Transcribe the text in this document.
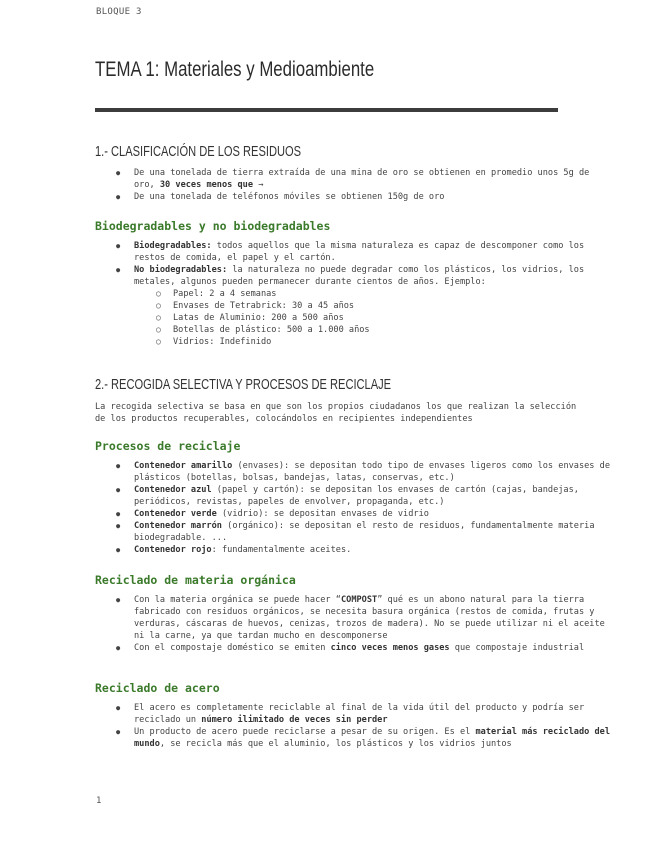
BLOQUE 3
TEMA 1: Materiales y Medioambiente
1.- CLASIFICACIÓN DE LOS RESIDUOS
● De una tonelada de tierra extraída de una mina de oro se obtienen en promedio unos 5g de oro, 30 veces menos que →
● De una tonelada de teléfonos móviles se obtienen 150g de oro
Biodegradables y no biodegradables
● Biodegradables: todos aquellos que la misma naturaleza es capaz de descomponer como los restos de comida, el papel y el cartón.
● No biodegradables: la naturaleza no puede degradar como los plásticos, los vidrios, los metales, algunos pueden permanecer durante cientos de años. Ejemplo:
○ Papel: 2 a 4 semanas
○ Envases de Tetrabrick: 30 a 45 años
○ Latas de Aluminio: 200 a 500 años
○ Botellas de plástico: 500 a 1.000 años
○ Vidrios: Indefinido
2.- RECOGIDA SELECTIVA Y PROCESOS DE RECICLAJE

La recogida selectiva se basa en que son los propios ciudadanos los que realizan la selección de los productos recuperables, colocándolos en recipientes independientes

Procesos de reciclaje
● Contenedor amarillo (envases): se depositan todo tipo de envases ligeros como los envases de plásticos (botellas, bolsas, bandejas, latas, conservas, etc.)
● Contenedor azul (papel y cartón): se depositan los envases de cartón (cajas, bandejas, periódicos, revistas, papeles de envolver, propaganda, etc.)
● Contenedor verde (vidrio): se depositan envases de vidrio
● Contenedor marrón (orgánico): se depositan el resto de residuos, fundamentalmente materia biodegradable. ...
● Contenedor rojo: fundamentalmente aceites.
Reciclado de materia orgánica
● Con la materia orgánica se puede hacer “COMPOST” qué es un abono natural para la tierra fabricado con residuos orgánicos, se necesita basura orgánica (restos de comida, frutas y verduras, cáscaras de huevos, cenizas, trozos de madera). No se puede utilizar ni el aceite ni la carne, ya que tardan mucho en descomponerse
● Con el compostaje doméstico se emiten cinco veces menos gases que compostaje industrial
Reciclado de acero
● El acero es completamente reciclable al final de la vida útil del producto y podría ser reciclado un número ilimitado de veces sin perder
● Un producto de acero puede reciclarse a pesar de su origen. Es el material más reciclado del mundo, se recicla más que el aluminio, los plásticos y los vidrios juntos
1
